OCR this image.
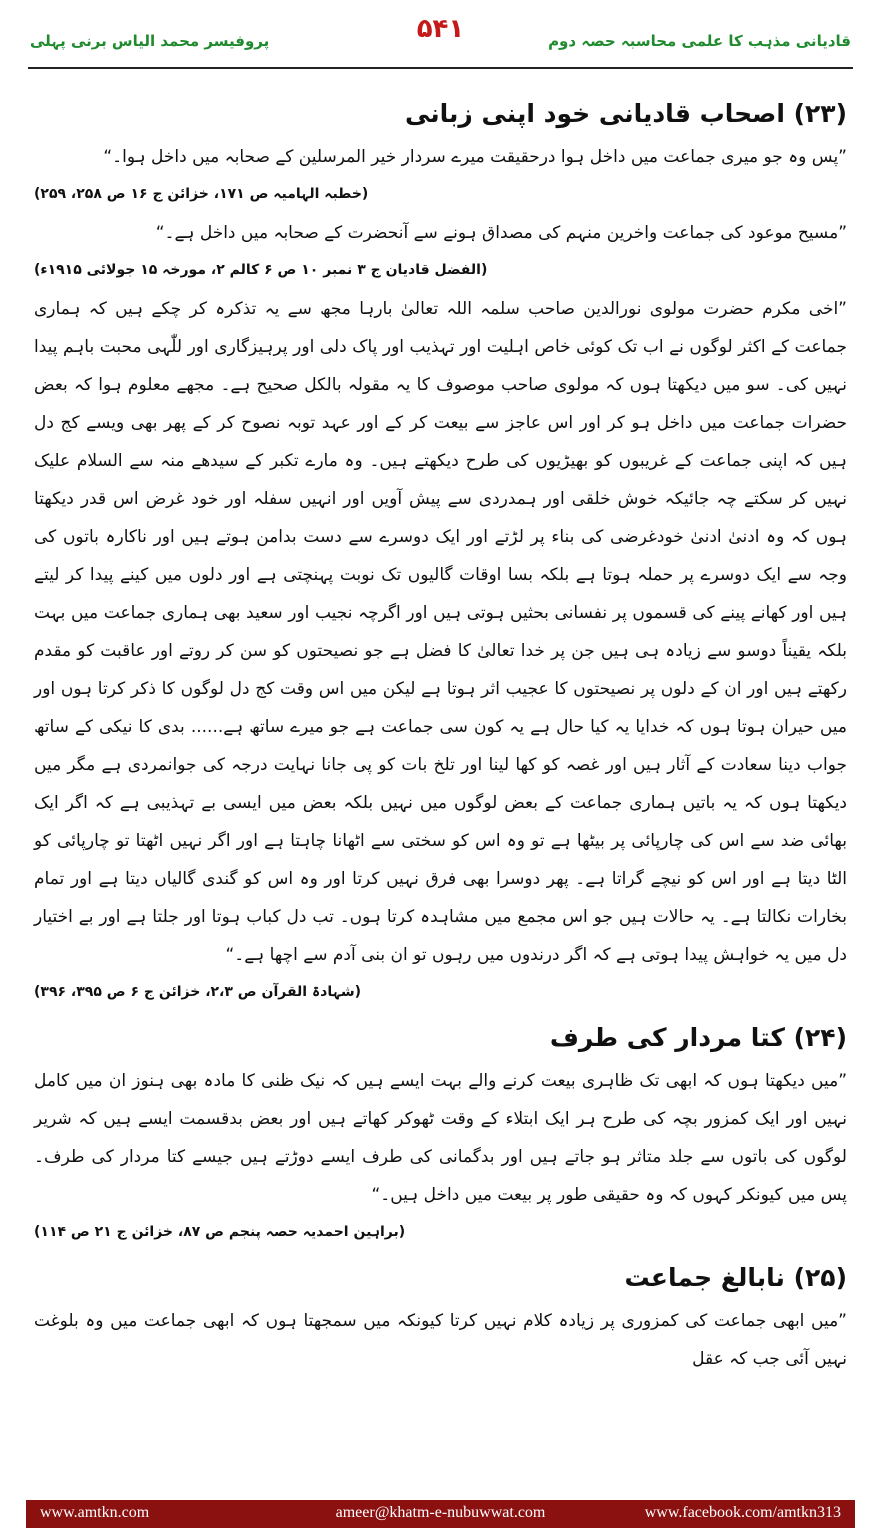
پروفیسر محمد الیاس برنی پہلی	۵۴۱	قادیانی مذہب کا علمی محاسبہ حصہ دوم
(۲۳) اصحاب قادیانی خود اپنی زبانی

”پس وہ جو میری جماعت میں داخل ہوا درحقیقت میرے سردار خیر المرسلین کے صحابہ میں داخل ہوا۔“

(خطبہ الہامیہ ص ۱۷۱، خزائن ج ۱۶ ص ۲۵۸، ۲۵۹)

”مسیح موعود کی جماعت واخرین منہم کی مصداق ہونے سے آنحضرت کے صحابہ میں داخل ہے۔“

(الفضل قادیان ج ۳ نمبر ۱۰ ص ۶ کالم ۲، مورخہ ۱۵ جولائی ۱۹۱۵ء)

”اخی مکرم حضرت مولوی نورالدین صاحب سلمہ اللہ تعالیٰ بارہا مجھ سے یہ تذکرہ کر چکے ہیں کہ ہماری جماعت کے اکثر لوگوں نے اب تک کوئی خاص اہلیت اور تہذیب اور پاک دلی اور پرہیزگاری اور للّٰہی محبت باہم پیدا نہیں کی۔ سو میں دیکھتا ہوں کہ مولوی صاحب موصوف کا یہ مقولہ بالکل صحیح ہے۔ مجھے معلوم ہوا کہ بعض حضرات جماعت میں داخل ہو کر اور اس عاجز سے بیعت کر کے اور عہد توبہ نصوح کر کے پھر بھی ویسے کج دل ہیں کہ اپنی جماعت کے غریبوں کو بھیڑیوں کی طرح دیکھتے ہیں۔ وہ مارے تکبر کے سیدھے منہ سے السلام علیک نہیں کر سکتے چہ جائیکہ خوش خلقی اور ہمدردی سے پیش آویں اور انہیں سفلہ اور خود غرض اس قدر دیکھتا ہوں کہ وہ ادنیٰ ادنیٰ خودغرضی کی بناء پر لڑتے اور ایک دوسرے سے دست بدامن ہوتے ہیں اور ناکارہ باتوں کی وجہ سے ایک دوسرے پر حملہ ہوتا ہے بلکہ بسا اوقات گالیوں تک نوبت پہنچتی ہے اور دلوں میں کینے پیدا کر لیتے ہیں اور کھانے پینے کی قسموں پر نفسانی بحثیں ہوتی ہیں اور اگرچہ نجیب اور سعید بھی ہماری جماعت میں بہت بلکہ یقیناً دوسو سے زیادہ ہی ہیں جن پر خدا تعالیٰ کا فضل ہے جو نصیحتوں کو سن کر روتے اور عاقبت کو مقدم رکھتے ہیں اور ان کے دلوں پر نصیحتوں کا عجیب اثر ہوتا ہے لیکن میں اس وقت کج دل لوگوں کا ذکر کرتا ہوں اور میں حیران ہوتا ہوں کہ خدایا یہ کیا حال ہے یہ کون سی جماعت ہے جو میرے ساتھ ہے...... بدی کا نیکی کے ساتھ جواب دینا سعادت کے آثار ہیں اور غصہ کو کھا لینا اور تلخ بات کو پی جانا نہایت درجہ کی جوانمردی ہے مگر میں دیکھتا ہوں کہ یہ باتیں ہماری جماعت کے بعض لوگوں میں نہیں بلکہ بعض میں ایسی بے تہذیبی ہے کہ اگر ایک بھائی ضد سے اس کی چارپائی پر بیٹھا ہے تو وہ اس کو سختی سے اٹھانا چاہتا ہے اور اگر نہیں اٹھتا تو چارپائی کو الٹا دیتا ہے اور اس کو نیچے گراتا ہے۔ پھر دوسرا بھی فرق نہیں کرتا اور وہ اس کو گندی گالیاں دیتا ہے اور تمام بخارات نکالتا ہے۔ یہ حالات ہیں جو اس مجمع میں مشاہدہ کرتا ہوں۔ تب دل کباب ہوتا اور جلتا ہے اور بے اختیار دل میں یہ خواہش پیدا ہوتی ہے کہ اگر درندوں میں رہوں تو ان بنی آدم سے اچھا ہے۔“

(شہادۃ القرآن ص ۲،۳، خزائن ج ۶ ص ۳۹۵، ۳۹۶)
(۲۴) کتا مردار کی طرف

”میں دیکھتا ہوں کہ ابھی تک ظاہری بیعت کرنے والے بہت ایسے ہیں کہ نیک ظنی کا مادہ بھی ہنوز ان میں کامل نہیں اور ایک کمزور بچہ کی طرح ہر ایک ابتلاء کے وقت ٹھوکر کھاتے ہیں اور بعض بدقسمت ایسے ہیں کہ شریر لوگوں کی باتوں سے جلد متاثر ہو جاتے ہیں اور بدگمانی کی طرف ایسے دوڑتے ہیں جیسے کتا مردار کی طرف۔ پس میں کیونکر کہوں کہ وہ حقیقی طور پر بیعت میں داخل ہیں۔“

(براہین احمدیہ حصہ پنجم ص ۸۷، خزائن ج ۲۱ ص ۱۱۴)
(۲۵) نابالغ جماعت

”میں ابھی جماعت کی کمزوری پر زیادہ کلام نہیں کرتا کیونکہ میں سمجھتا ہوں کہ ابھی جماعت میں وہ بلوغت نہیں آئی جب کہ عقل

www.amtkn.com	ameer@khatm-e-nubuwwat.com	www.facebook.com/amtkn313
